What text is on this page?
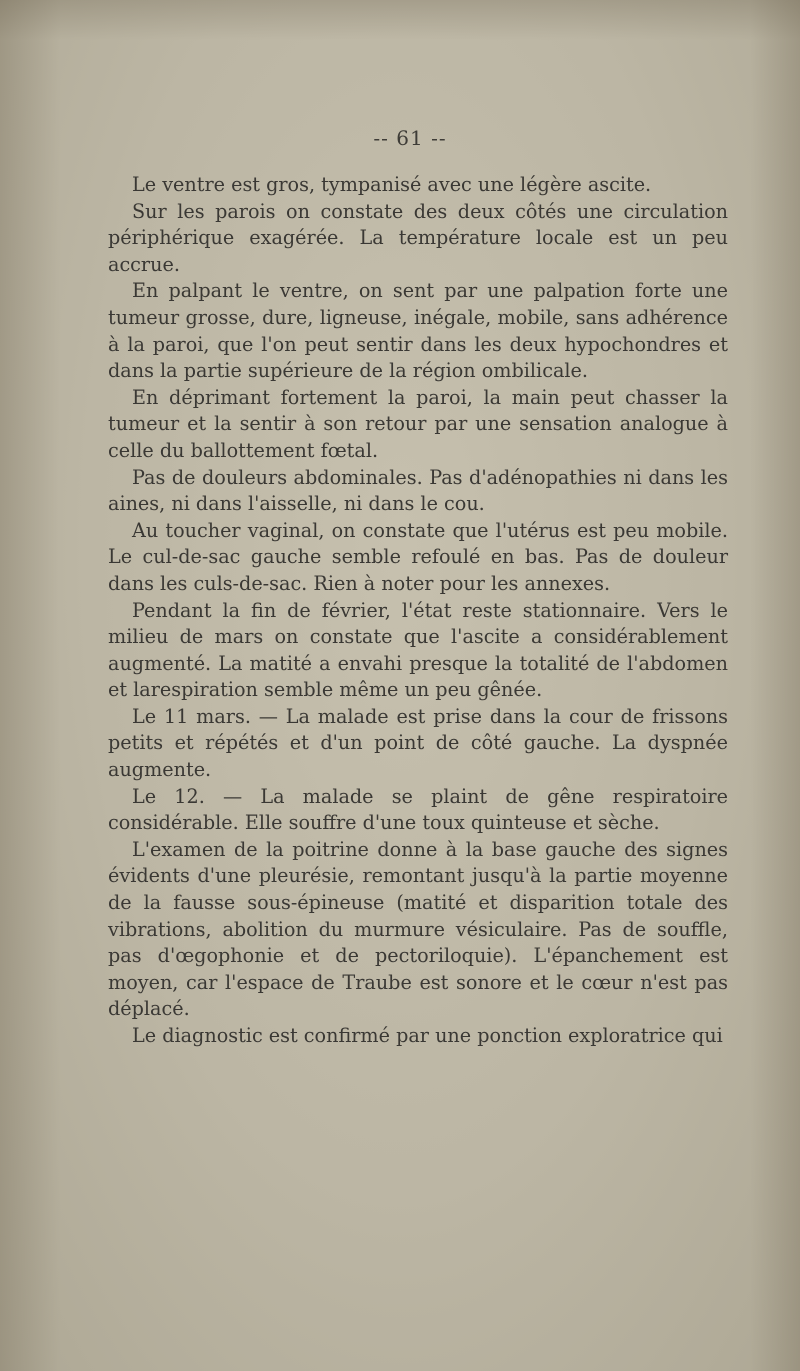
-- 61 --

Le ventre est gros, tympanisé avec une légère ascite.

Sur les parois on constate des deux côtés une circulation périphérique exagérée. La température locale est un peu accrue.

En palpant le ventre, on sent par une palpation forte une tumeur grosse, dure, ligneuse, inégale, mobile, sans adhérence à la paroi, que l'on peut sentir dans les deux hypochondres et dans la partie supérieure de la région ombilicale.

En déprimant fortement la paroi, la main peut chasser la tumeur et la sentir à son retour par une sensation analogue à celle du ballottement fœtal.

Pas de douleurs abdominales. Pas d'adénopathies ni dans les aines, ni dans l'aisselle, ni dans le cou.

Au toucher vaginal, on constate que l'utérus est peu mobile. Le cul-de-sac gauche semble refoulé en bas. Pas de douleur dans les culs-de-sac. Rien à noter pour les annexes.

Pendant la fin de février, l'état reste stationnaire. Vers le milieu de mars on constate que l'ascite a considérablement augmenté. La matité a envahi presque la totalité de l'abdomen et larespiration semble même un peu gênée.

Le 11 mars. — La malade est prise dans la cour de frissons petits et répétés et d'un point de côté gauche. La dyspnée augmente.

Le 12. — La malade se plaint de gêne respiratoire considérable. Elle souffre d'une toux quinteuse et sèche.

L'examen de la poitrine donne à la base gauche des signes évidents d'une pleurésie, remontant jusqu'à la partie moyenne de la fausse sous-épineuse (matité et disparition totale des vibrations, abolition du murmure vésiculaire. Pas de souffle, pas d'œgophonie et de pectoriloquie). L'épanchement est moyen, car l'espace de Traube est sonore et le cœur n'est pas déplacé.

Le diagnostic est confirmé par une ponction exploratrice qui
